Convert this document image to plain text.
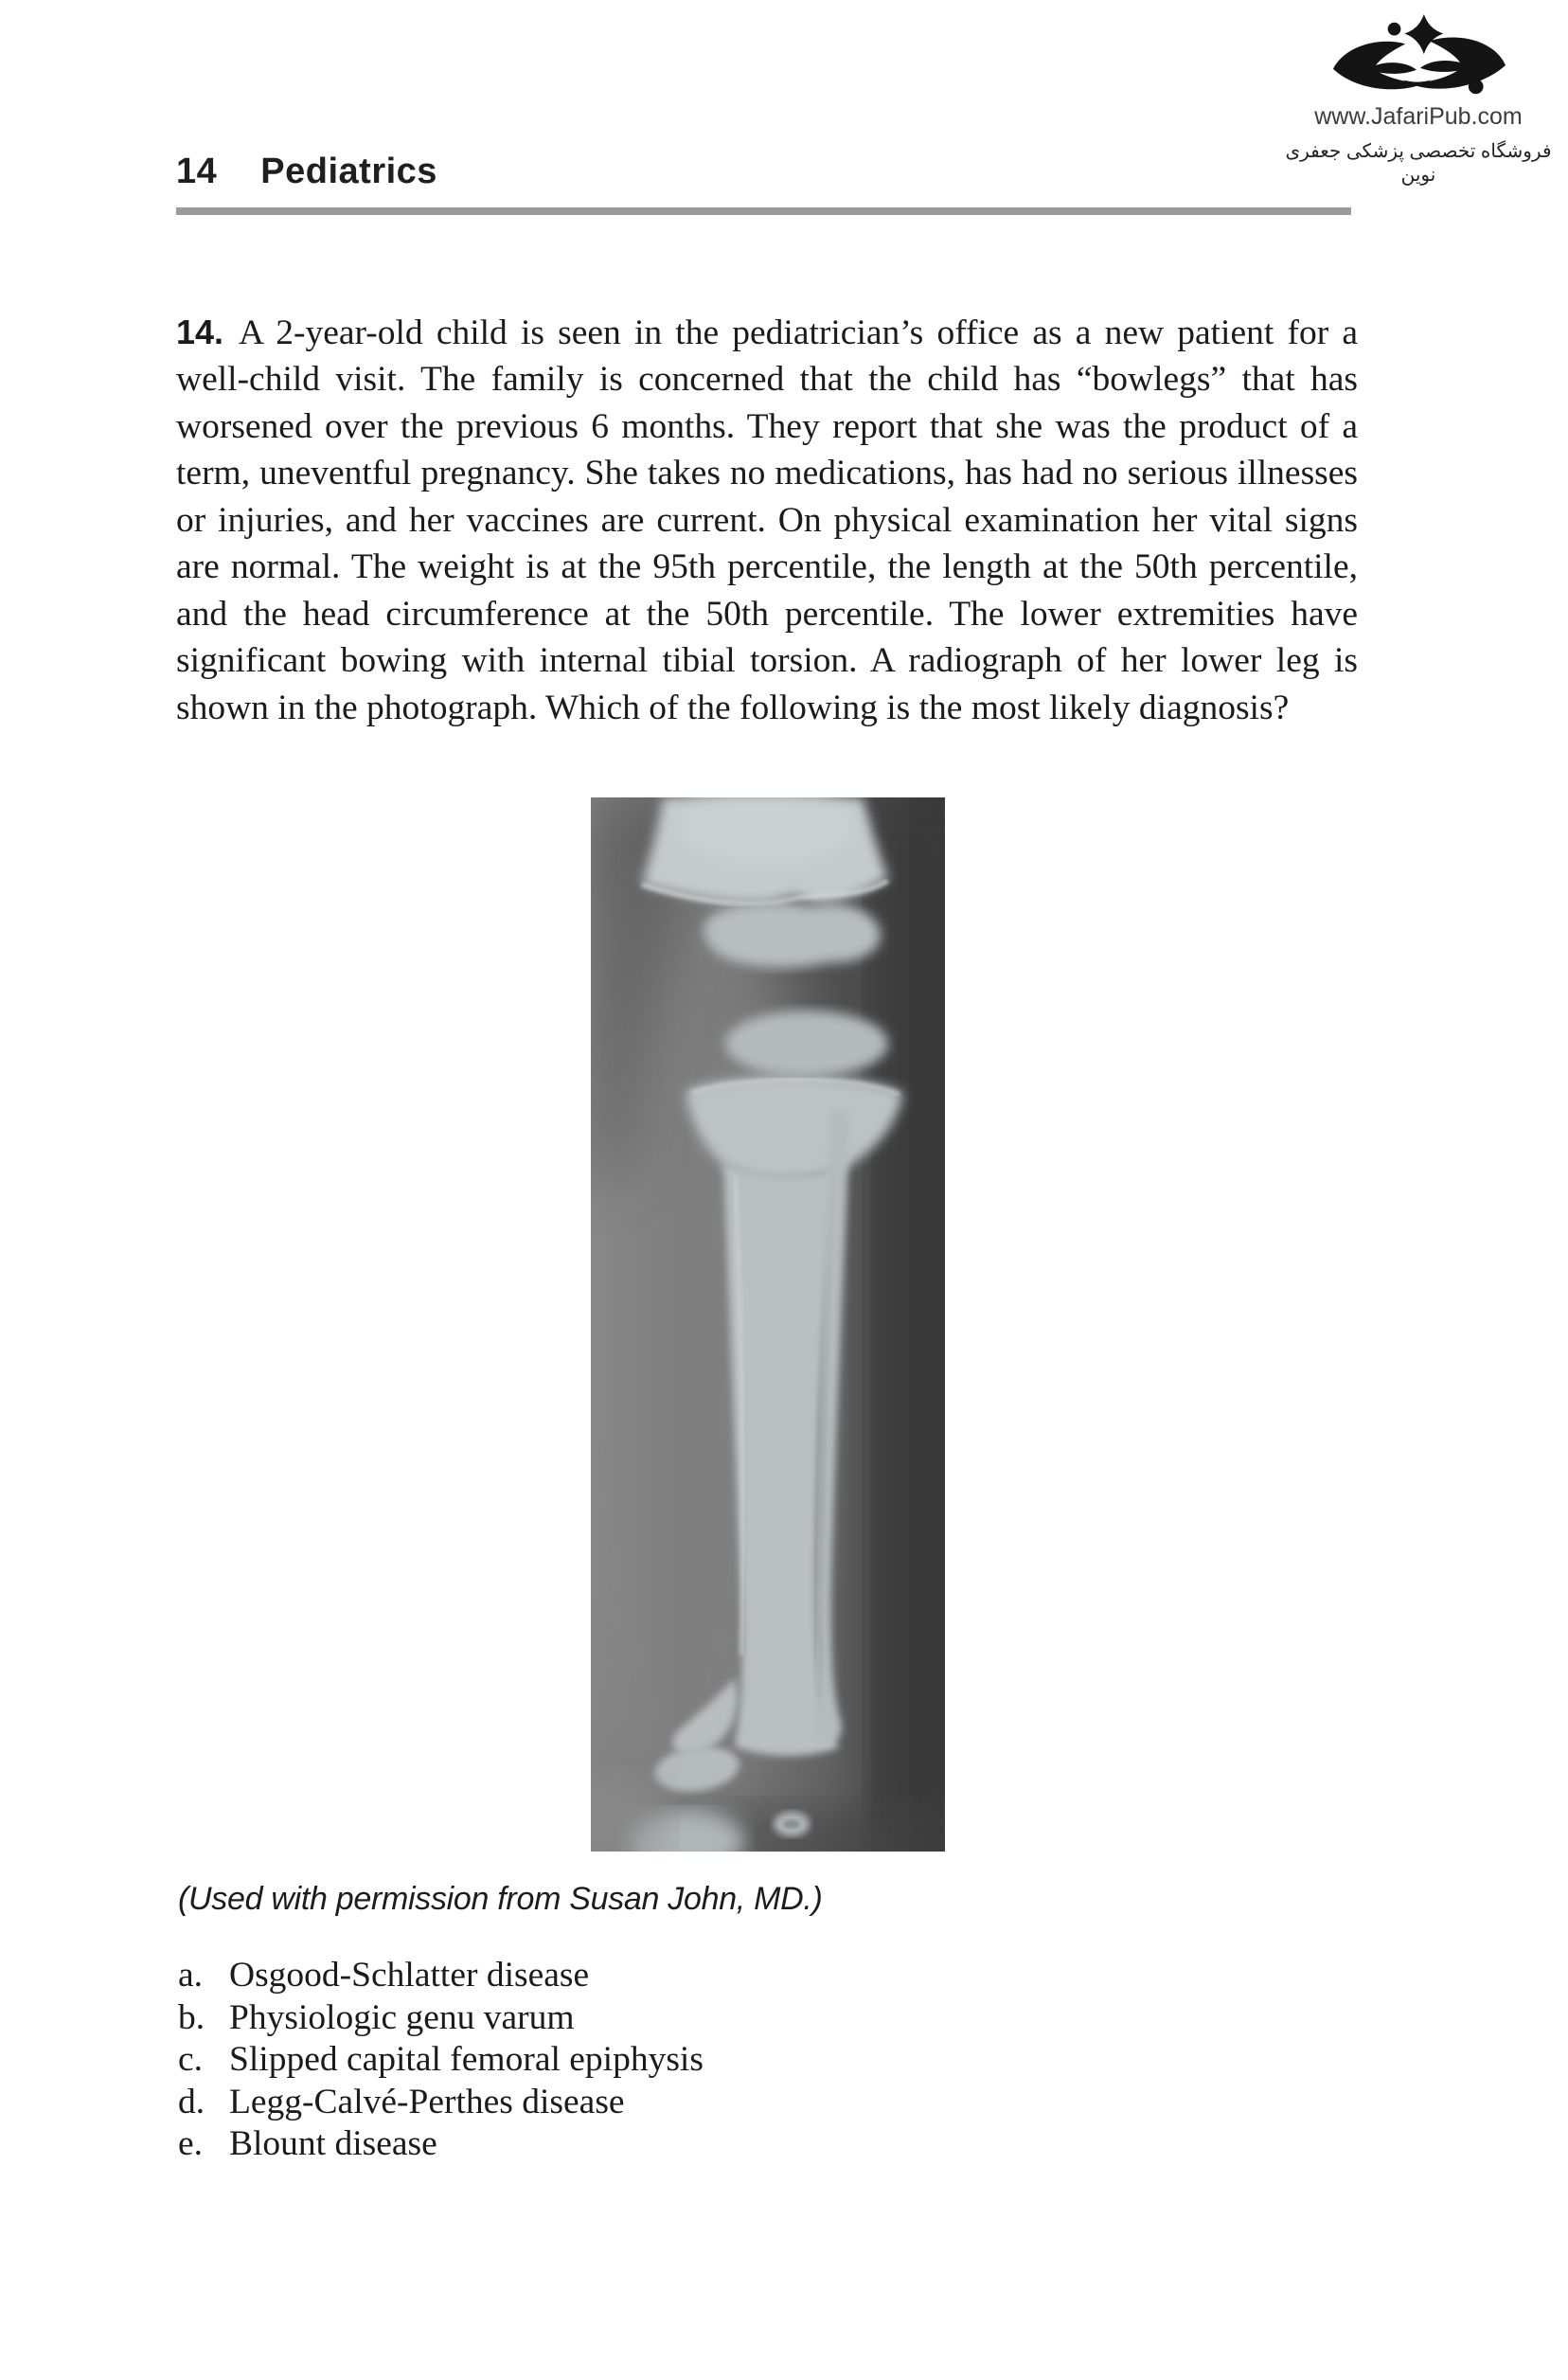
14 Pediatrics
www.JafariPub.com
فروشگاه تخصصی پزشکی جعفری نوین

14. A 2-year-old child is seen in the pediatrician’s office as a new patient for a well-child visit. The family is concerned that the child has “bowlegs” that has worsened over the previous 6 months. They report that she was the product of a term, uneventful pregnancy. She takes no medications, has had no serious illnesses or injuries, and her vaccines are current. On physical examination her vital signs are normal. The weight is at the 95th percentile, the length at the 50th percentile, and the head circumference at the 50th percentile. The lower extremities have significant bowing with internal tibial torsion. A radiograph of her lower leg is shown in the photograph. Which of the following is the most likely diagnosis?

(Used with permission from Susan John, MD.)
a. Osgood-Schlatter disease
b. Physiologic genu varum
c. Slipped capital femoral epiphysis
d. Legg-Calvé-Perthes disease
e. Blount disease
